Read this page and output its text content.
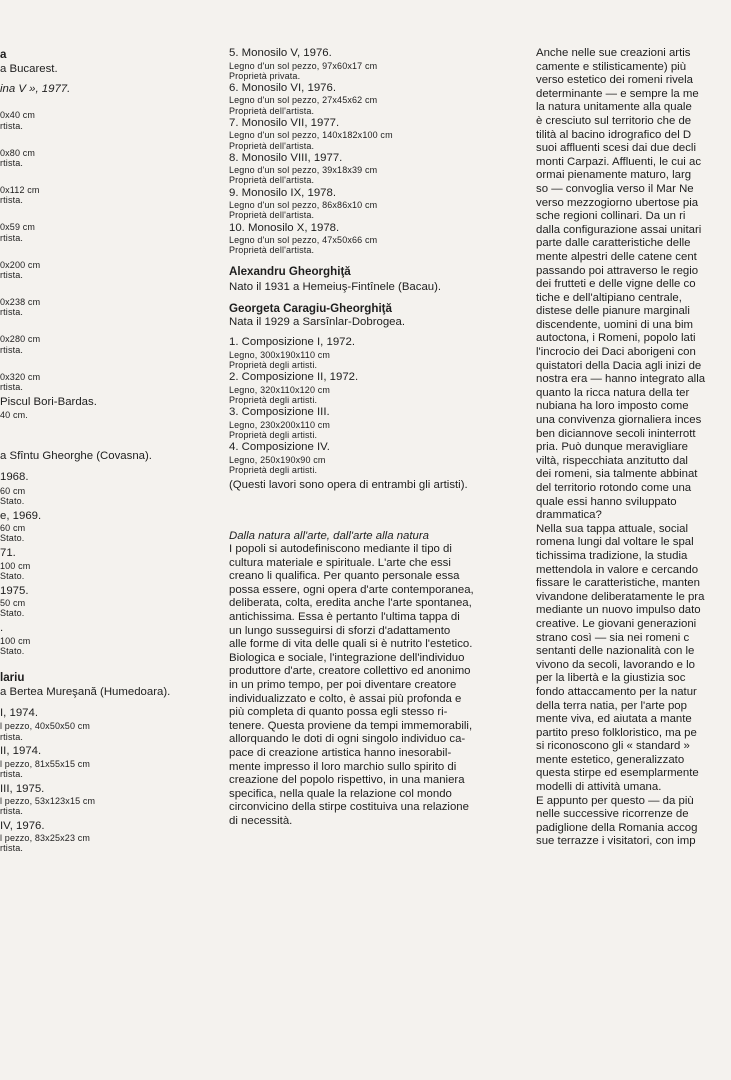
a

a Bucarest.

ina V », 1977.

0x40 cm

rtista.

0x80 cm

rtista.

0x112 cm

rtista.

0x59 cm

rtista.

0x200 cm

rtista.

0x238 cm

rtista.

0x280 cm

rtista.

0x320 cm

rtista.

Piscul Bori-Bardas.

40 cm.

a Sfîntu Gheorghe (Covasna).

1968.

60 cm

Stato.

e, 1969.

60 cm

Stato.

71.

100 cm

Stato.

1975.

50 cm

Stato.

.

100 cm

Stato.

lariu

a Bertea Mureşană (Humedoara).

I, 1974.

l pezzo, 40x50x50 cm

rtista.

II, 1974.

l pezzo, 81x55x15 cm

rtista.

III, 1975.

l pezzo, 53x123x15 cm

rtista.

IV, 1976.

l pezzo, 83x25x23 cm

rtista.

5. Monosilo V, 1976.

Legno d'un sol pezzo, 97x60x17 cm

Proprietà privata.

6. Monosilo VI, 1976.

Legno d'un sol pezzo, 27x45x62 cm

Proprietà dell'artista.

7. Monosilo VII, 1977.

Legno d'un sol pezzo, 140x182x100 cm

Proprietà dell'artista.

8. Monosilo VIII, 1977.

Legno d'un sol pezzo, 39x18x39 cm

Proprietà dell'artista.

9. Monosilo IX, 1978.

Legno d'un sol pezzo, 86x86x10 cm

Proprietà dell'artista.

10. Monosilo X, 1978.

Legno d'un sol pezzo, 47x50x66 cm

Proprietà dell'artista.

Alexandru Gheorghiţă

Nato il 1931 a Hemeiuş-Fintînele (Bacau).

Georgeta Caragiu-Gheorghiţă

Nata il 1929 a Sarsînlar-Dobrogea.

1. Composizione I, 1972.

Legno, 300x190x110 cm

Proprietà degli artisti.

2. Composizione II, 1972.

Legno, 320x110x120 cm

Proprietà degli artisti.

3. Composizione III.

Legno, 230x200x110 cm

Proprietà degli artisti.

4. Composizione IV.

Legno, 250x190x90 cm

Proprietà degli artisti.

(Questi lavori sono opera di entrambi gli artisti).

Dalla natura all'arte, dall'arte alla natura

I popoli si autodefiniscono mediante il tipo di

cultura materiale e spirituale. L'arte che essi

creano li qualifica. Per quanto personale essa

possa essere, ogni opera d'arte contemporanea,

deliberata, colta, eredita anche l'arte spontanea,

antichissima. Essa è pertanto l'ultima tappa di

un lungo susseguirsi di sforzi d'adattamento

alle forme di vita delle quali si è nutrito l'estetico.

Biologica e sociale, l'integrazione dell'individuo

produttore d'arte, creatore collettivo ed anonimo

in un primo tempo, per poi diventare creatore

individualizzato e colto, è assai più profonda e

più completa di quanto possa egli stesso ri-

tenere. Questa proviene da tempi immemorabili,

allorquando le doti di ogni singolo individuo ca-

pace di creazione artistica hanno inesorabil-

mente impresso il loro marchio sullo spirito di

creazione del popolo rispettivo, in una maniera

specifica, nella quale la relazione col mondo

circonvicino della stirpe costituiva una relazione

di necessità.

Anche nelle sue creazioni artis

camente e stilisticamente) più

verso estetico dei romeni rivela

determinante — e sempre la me

la natura unitamente alla quale

è cresciuto sul territorio che de

tilità al bacino idrografico del D

suoi affluenti scesi dai due decli

monti Carpazi. Affluenti, le cui ac

ormai pienamente maturo, larg

so — convoglia verso il Mar Ne

verso mezzogiorno ubertose pia

sche regioni collinari. Da un ri

dalla configurazione assai unitari

parte dalle caratteristiche delle

mente alpestri delle catene cent

passando poi attraverso le regio

dei frutteti e delle vigne delle co

tiche e dell'altipiano centrale,

distese delle pianure marginali

discendente, uomini di una bim

autoctona, i Romeni, popolo lati

l'incrocio dei Daci aborigeni con

quistatori della Dacia agli inizi de

nostra era — hanno integrato alla

quanto la ricca natura della ter

nubiana ha loro imposto come

una convivenza giornaliera inces

ben diciannove secoli ininterrott

pria. Può dunque meravigliare

viltà, rispecchiata anzitutto dal

dei romeni, sia talmente abbinat

del territorio rotondo come una

quale essi hanno sviluppato

drammatica?

Nella sua tappa attuale, social

romena lungi dal voltare le spal

tichissima tradizione, la studia

mettendola in valore e cercando

fissare le caratteristiche, manten

vivandone deliberatamente le pra

mediante un nuovo impulso dato

creative. Le giovani generazioni

strano così — sia nei romeni c

sentanti delle nazionalità con le

vivono da secoli, lavorando e lo

per la libertà e la giustizia soc

fondo attaccamento per la natur

della terra natia, per l'arte pop

mente viva, ed aiutata a mante

partito preso folkloristico, ma pe

si riconoscono gli « standard »

mente estetico, generalizzato

questa stirpe ed esemplarmente

modelli di attività umana.

E appunto per questo — da più

nelle successive ricorrenze de

padiglione della Romania accog

sue terrazze i visitatori, con imp
